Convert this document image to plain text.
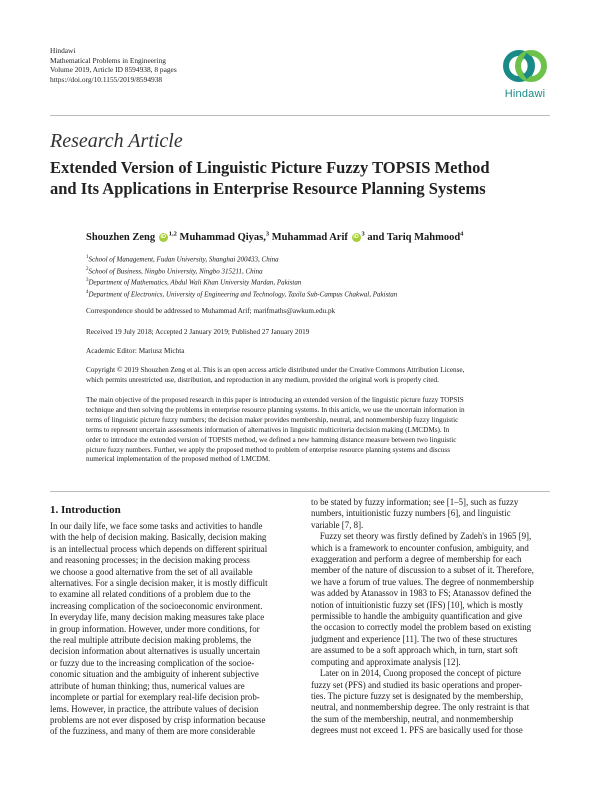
Hindawi
Mathematical Problems in Engineering
Volume 2019, Article ID 8594938, 8 pages
https://doi.org/10.1155/2019/8594938
Hindawi
Research Article
Extended Version of Linguistic Picture Fuzzy TOPSIS Method
and Its Applications in Enterprise Resource Planning Systems
Shouzhen Zeng iD $^{1,2}$ Muhammad Qiyas,$^3$ Muhammad Arif iD $^3$ and Tariq Mahmood$^4$
$^1$School of Management, Fudan University, Shanghai 200433, China
$^2$School of Business, Ningbo University, Ningbo 315211, China
$^3$Department of Mathematics, Abdul Wali Khan University Mardan, Pakistan
$^4$Department of Electronics, University of Engineering and Technology, Taxila Sub-Campus Chakwal, Pakistan
Correspondence should be addressed to Muhammad Arif; marifmaths@awkum.edu.pk
Received 19 July 2018; Accepted 2 January 2019; Published 27 January 2019
Academic Editor: Mariusz Michta
Copyright © 2019 Shouzhen Zeng et al. This is an open access article distributed under the Creative Commons Attribution License,
which permits unrestricted use, distribution, and reproduction in any medium, provided the original work is properly cited.
The main objective of the proposed research in this paper is introducing an extended version of the linguistic picture fuzzy TOPSIS
technique and then solving the problems in enterprise resource planning systems. In this article, we use the uncertain information in
terms of linguistic picture fuzzy numbers; the decision maker provides membership, neutral, and nonmembership fuzzy linguistic
terms to represent uncertain assessments information of alternatives in linguistic multicriteria decision making (LMCDMs). In
order to introduce the extended version of TOPSIS method, we defined a new hamming distance measure between two linguistic
picture fuzzy numbers. Further, we apply the proposed method to problem of enterprise resource planning systems and discuss
numerical implementation of the proposed method of LMCDM.
1. Introduction
In our daily life, we face some tasks and activities to handle
with the help of decision making. Basically, decision making
is an intellectual process which depends on different spiritual
and reasoning processes; in the decision making process
we choose a good alternative from the set of all available
alternatives. For a single decision maker, it is mostly difficult
to examine all related conditions of a problem due to the
increasing complication of the socioeconomic environment.
In everyday life, many decision making measures take place
in group information. However, under more conditions, for
the real multiple attribute decision making problems, the
decision information about alternatives is usually uncertain
or fuzzy due to the increasing complication of the socioe-
conomic situation and the ambiguity of inherent subjective
attribute of human thinking; thus, numerical values are
incomplete or partial for exemplary real-life decision prob-
lems. However, in practice, the attribute values of decision
problems are not ever disposed by crisp information because
of the fuzziness, and many of them are more considerable
to be stated by fuzzy information; see [1–5], such as fuzzy
numbers, intuitionistic fuzzy numbers [6], and linguistic
variable [7, 8].
Fuzzy set theory was firstly defined by Zadeh's in 1965 [9],
which is a framework to encounter confusion, ambiguity, and
exaggeration and perform a degree of membership for each
member of the nature of discussion to a subset of it. Therefore,
we have a forum of true values. The degree of nonmembership
was added by Atanassov in 1983 to FS; Atanassov defined the
notion of intuitionistic fuzzy set (IFS) [10], which is mostly
permissible to handle the ambiguity quantification and give
the occasion to correctly model the problem based on existing
judgment and experience [11]. The two of these structures
are assumed to be a soft approach which, in turn, start soft
computing and approximate analysis [12].
Later on in 2014, Cuong proposed the concept of picture
fuzzy set (PFS) and studied its basic operations and proper-
ties. The picture fuzzy set is designated by the membership,
neutral, and nonmembership degree. The only restraint is that
the sum of the membership, neutral, and nonmembership
degrees must not exceed 1. PFS are basically used for those
